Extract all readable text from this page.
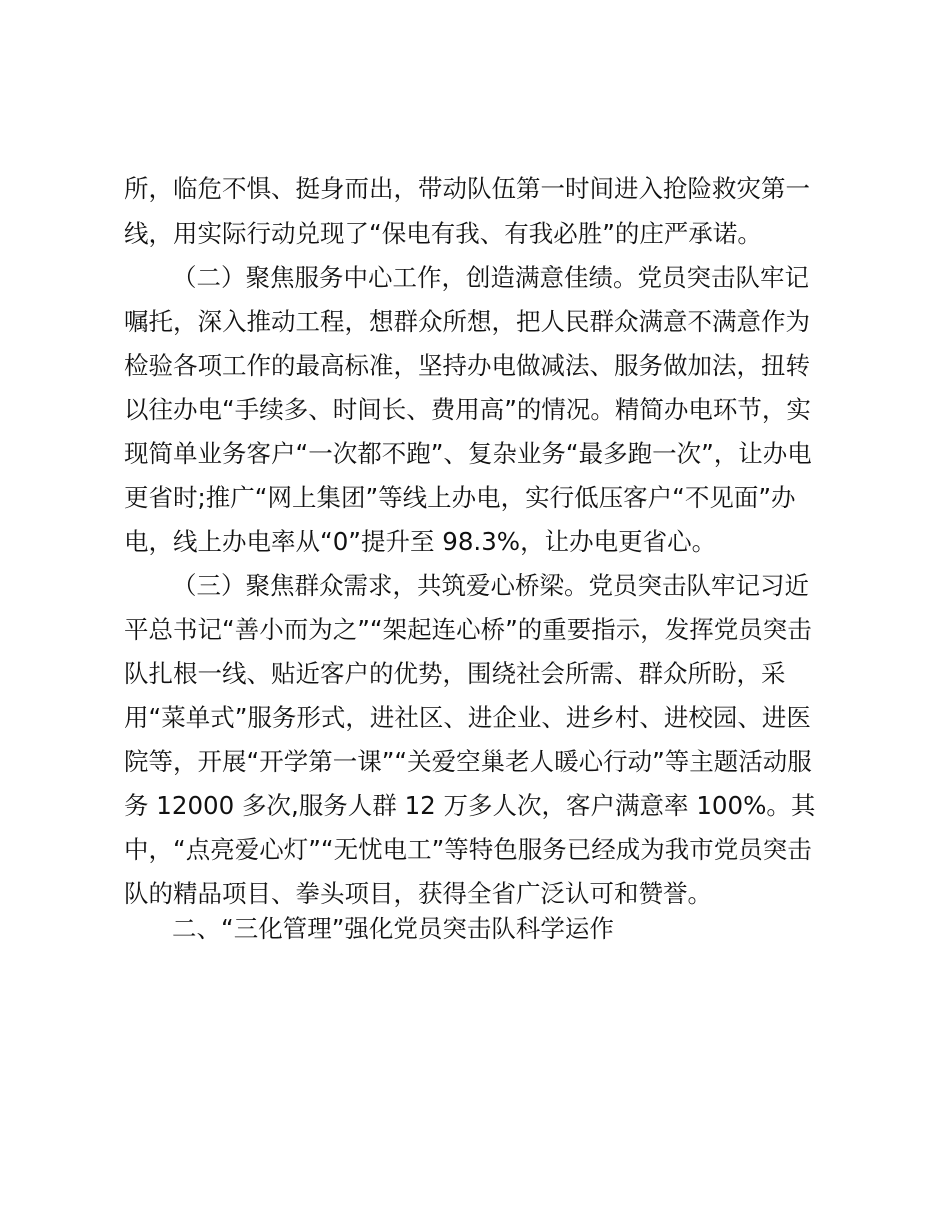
所，临危不惧、挺身而出，带动队伍第一时间进入抢险救灾第一
线，用实际行动兑现了“保电有我、有我必胜”的庄严承诺。
（二）聚焦服务中心工作，创造满意佳绩。党员突击队牢记
嘱托，深入推动工程，想群众所想，把人民群众满意不满意作为
检验各项工作的最高标准，坚持办电做减法、服务做加法，扭转
以往办电“手续多、时间长、费用高”的情况。精简办电环节，实
现简单业务客户“一次都不跑”、复杂业务“最多跑一次”，让办电
更省时;推广“网上集团”等线上办电，实行低压客户“不见面”办
电，线上办电率从“0”提升至 98.3%，让办电更省心。
（三）聚焦群众需求，共筑爱心桥梁。党员突击队牢记习近
平总书记“善小而为之”“架起连心桥”的重要指示，发挥党员突击
队扎根一线、贴近客户的优势，围绕社会所需、群众所盼，采
用“菜单式”服务形式，进社区、进企业、进乡村、进校园、进医
院等，开展“开学第一课”“关爱空巢老人暖心行动”等主题活动服
务 12000 多次,服务人群 12 万多人次，客户满意率 100%。其
中，“点亮爱心灯”“无忧电工”等特色服务已经成为我市党员突击
队的精品项目、拳头项目，获得全省广泛认可和赞誉。
二、“三化管理”强化党员突击队科学运作
